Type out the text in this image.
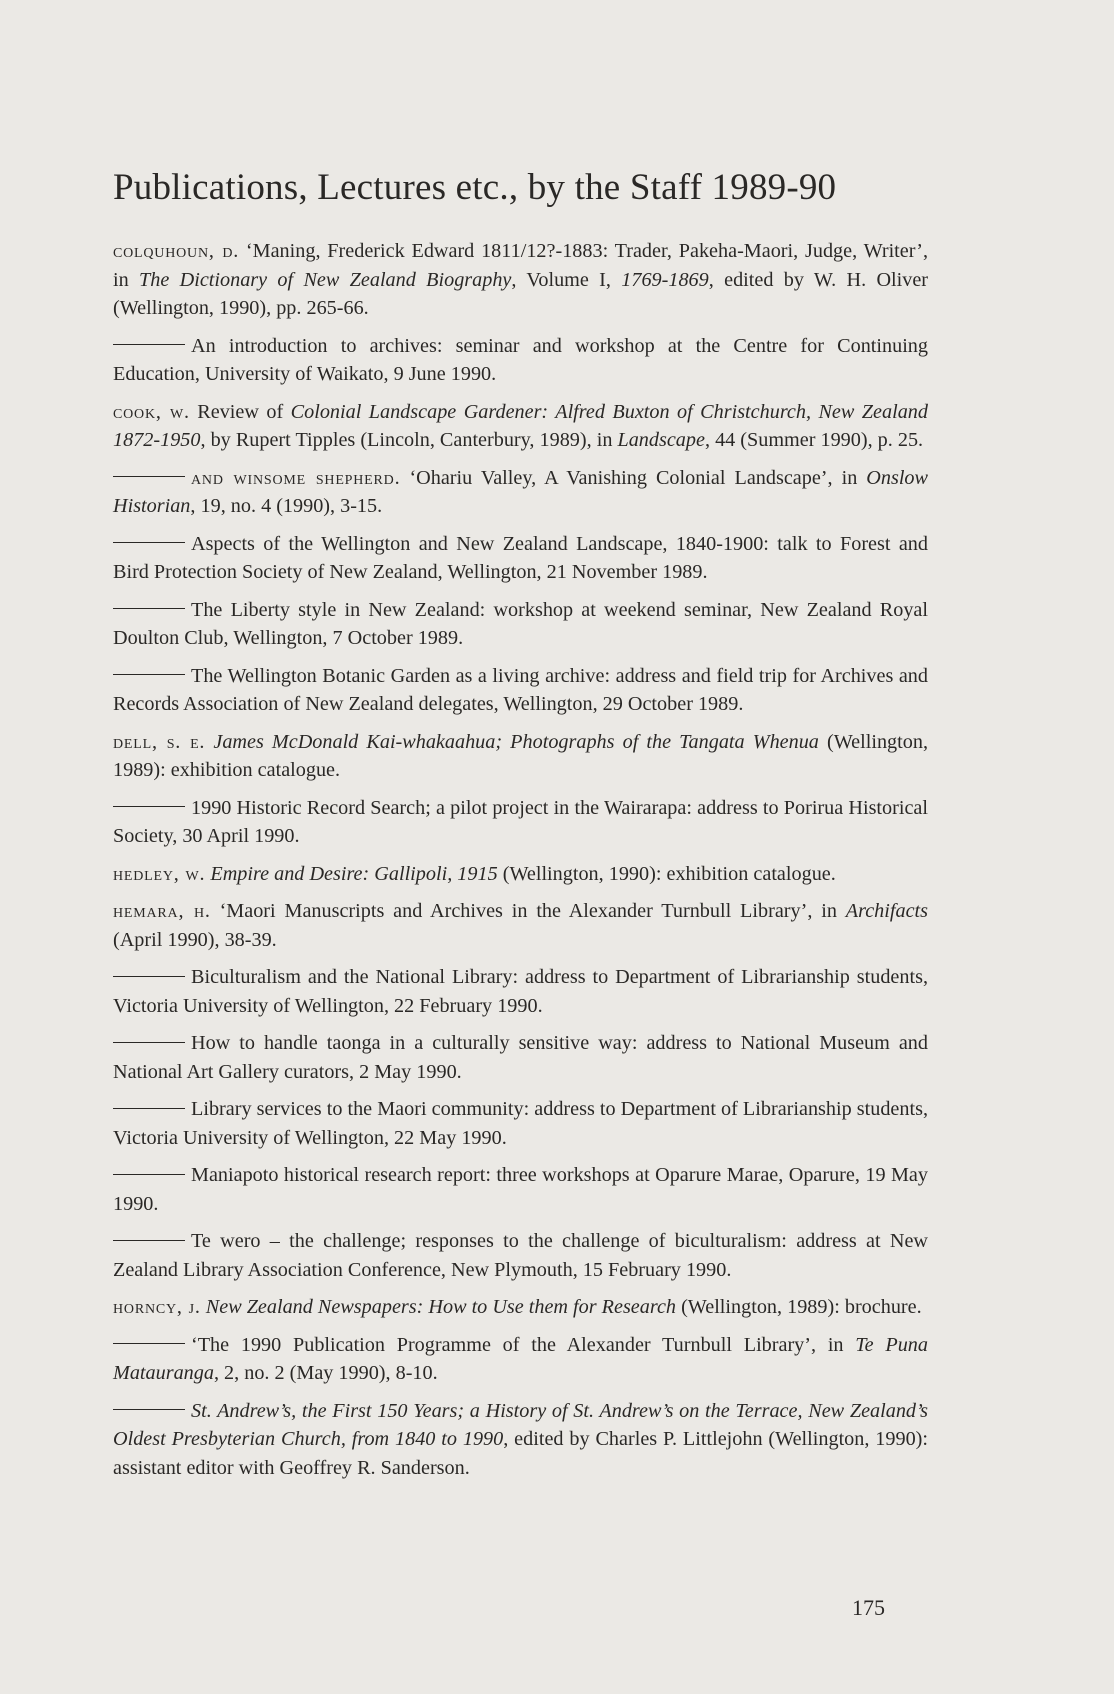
Publications, Lectures etc., by the Staff 1989-90

colquhoun, d. ‘Maning, Frederick Edward 1811/12?-1883: Trader, Pakeha-Maori, Judge, Writer’, in The Dictionary of New Zealand Biography, Volume I, 1769-1869, edited by W. H. Oliver (Wellington, 1990), pp. 265-66.

An introduction to archives: seminar and workshop at the Centre for Continuing Education, University of Waikato, 9 June 1990.

cook, w. Review of Colonial Landscape Gardener: Alfred Buxton of Christchurch, New Zealand 1872-1950, by Rupert Tipples (Lincoln, Canterbury, 1989), in Landscape, 44 (Summer 1990), p. 25.

and winsome shepherd. ‘Ohariu Valley, A Vanishing Colonial Landscape’, in Onslow Historian, 19, no. 4 (1990), 3-15.

Aspects of the Wellington and New Zealand Landscape, 1840-1900: talk to Forest and Bird Protection Society of New Zealand, Wellington, 21 November 1989.

The Liberty style in New Zealand: workshop at weekend seminar, New Zealand Royal Doulton Club, Wellington, 7 October 1989.

The Wellington Botanic Garden as a living archive: address and field trip for Archives and Records Association of New Zealand delegates, Wellington, 29 October 1989.

dell, s. e. James McDonald Kai-whakaahua; Photographs of the Tangata Whenua (Wellington, 1989): exhibition catalogue.

1990 Historic Record Search; a pilot project in the Wairarapa: address to Porirua Historical Society, 30 April 1990.

hedley, w. Empire and Desire: Gallipoli, 1915 (Wellington, 1990): exhibition catalogue.

hemara, h. ‘Maori Manuscripts and Archives in the Alexander Turnbull Library’, in Archifacts (April 1990), 38-39.

Biculturalism and the National Library: address to Department of Librarianship students, Victoria University of Wellington, 22 February 1990.

How to handle taonga in a culturally sensitive way: address to National Museum and National Art Gallery curators, 2 May 1990.

Library services to the Maori community: address to Department of Librarianship students, Victoria University of Wellington, 22 May 1990.

Maniapoto historical research report: three workshops at Oparure Marae, Oparure, 19 May 1990.

Te wero – the challenge; responses to the challenge of biculturalism: address at New Zealand Library Association Conference, New Plymouth, 15 February 1990.

horncy, j. New Zealand Newspapers: How to Use them for Research (Wellington, 1989): brochure.

‘The 1990 Publication Programme of the Alexander Turnbull Library’, in Te Puna Matauranga, 2, no. 2 (May 1990), 8-10.

St. Andrew’s, the First 150 Years; a History of St. Andrew’s on the Terrace, New Zealand’s Oldest Presbyterian Church, from 1840 to 1990, edited by Charles P. Littlejohn (Wellington, 1990): assistant editor with Geoffrey R. Sanderson.

175
